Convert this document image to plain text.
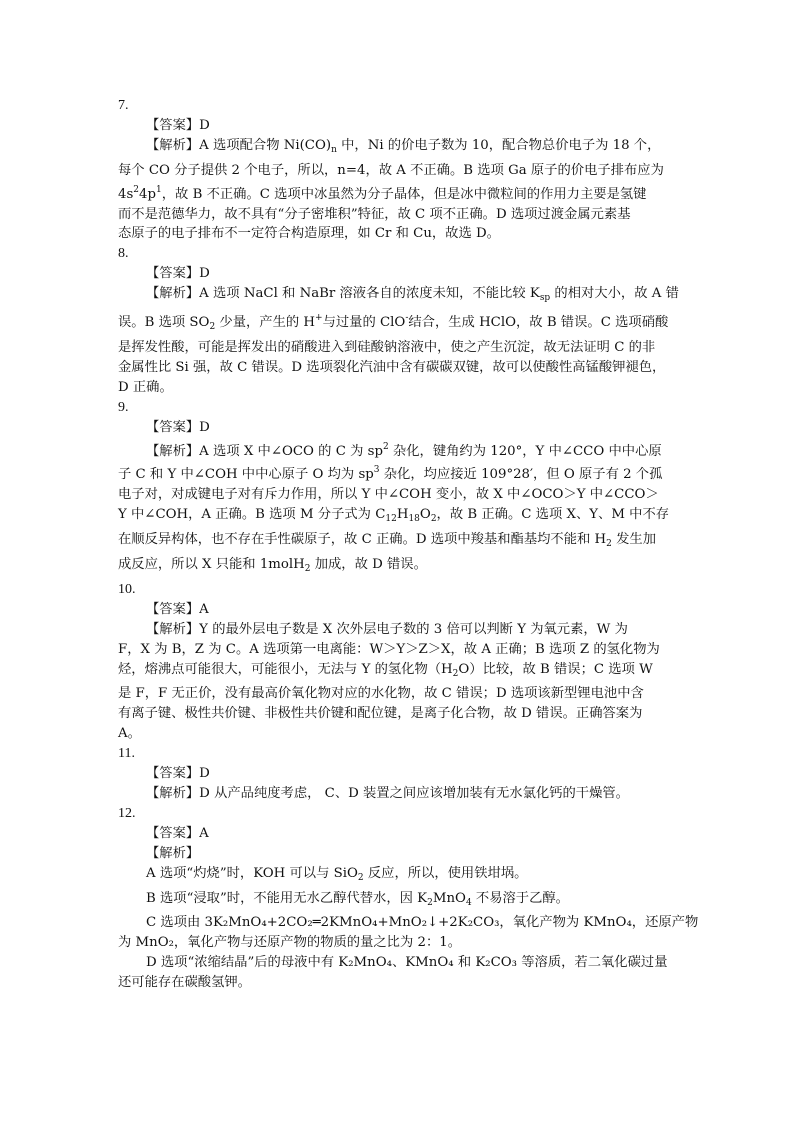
7.

【答案】D

【解析】A 选项配合物 $Ni(CO)_n$ 中，Ni 的价电子数为 10，配合物总价电子为 18 个，

每个 CO 分子提供 2 个电子，所以，n=4，故 A 不正确。B 选项 Ga 原子的价电子排布应为

$4s^24p^1$，故 B 不正确。C 选项中冰虽然为分子晶体，但是冰中微粒间的作用力主要是氢键

而不是范德华力，故不具有“分子密堆积”特征，故 C 项不正确。D 选项过渡金属元素基

态原子的电子排布不一定符合构造原理，如 Cr 和 Cu，故选 D。

8.

【答案】D

【解析】A 选项 NaCl 和 NaBr 溶液各自的浓度未知，不能比较 $K_{sp}$ 的相对大小，故 A 错

误。B 选项 $SO_2$ 少量，产生的 H+与过量的 ClO-结合，生成 HClO，故 B 错误。C 选项硝酸

是挥发性酸，可能是挥发出的硝酸进入到硅酸钠溶液中，使之产生沉淀，故无法证明 C 的非

金属性比 Si 强，故 C 错误。D 选项裂化汽油中含有碳碳双键，故可以使酸性高锰酸钾褪色，

D 正确。

9.

【答案】D

【解析】A 选项 X 中∠OCO 的 C 为 $sp^2$ 杂化，键角约为 120°，Y 中∠CCO 中中心原

子 C 和 Y 中∠COH 中中心原子 O 均为 $sp^3$ 杂化，均应接近 109°28′，但 O 原子有 2 个孤

电子对，对成键电子对有斥力作用，所以 Y 中∠COH 变小，故 X 中∠OCO＞Y 中∠CCO＞

Y 中∠COH，A 正确。B 选项 M 分子式为 $C_{12}H_{18}O_2$，故 B 正确。C 选项 X、Y、M 中不存

在顺反异构体，也不存在手性碳原子，故 C 正确。D 选项中羧基和酯基均不能和 $H_2$ 发生加

成反应，所以 X 只能和 1molH$_2$ 加成，故 D 错误。

10.

【答案】A

【解析】Y 的最外层电子数是 X 次外层电子数的 3 倍可以判断 Y 为氧元素，W 为

F，X 为 B，Z 为 C。A 选项第一电离能：W＞Y＞Z＞X，故 A 正确；B 选项 Z 的氢化物为

烃，熔沸点可能很大，可能很小，无法与 Y 的氢化物$(H_2O)$比较，故 B 错误；C 选项 W

是 F，F 无正价，没有最高价氧化物对应的水化物，故 C 错误；D 选项该新型锂电池中含

有离子键、极性共价键、非极性共价键和配位键，是离子化合物，故 D 错误。正确答案为

A。

11.

【答案】D

【解析】D 从产品纯度考虑， C、D 装置之间应该增加装有无水氯化钙的干燥管。

12.

【答案】A

【解析】

A 选项“灼烧”时，KOH 可以与 SiO$_2$ 反应，所以，使用铁坩埚。

B 选项“浸取”时，不能用无水乙醇代替水，因 $K_2MnO_4$ 不易溶于乙醇。

C 选项由 3K₂MnO₄+2CO₂═2KMnO₄+MnO₂↓+2K₂CO₃，氧化产物为 KMnO₄，还原产物

为 MnO₂，氧化产物与还原产物的物质的量之比为 2：1。

D 选项“浓缩结晶”后的母液中有 K₂MnO₄、KMnO₄ 和 K₂CO₃ 等溶质，若二氧化碳过量

还可能存在碳酸氢钾。
